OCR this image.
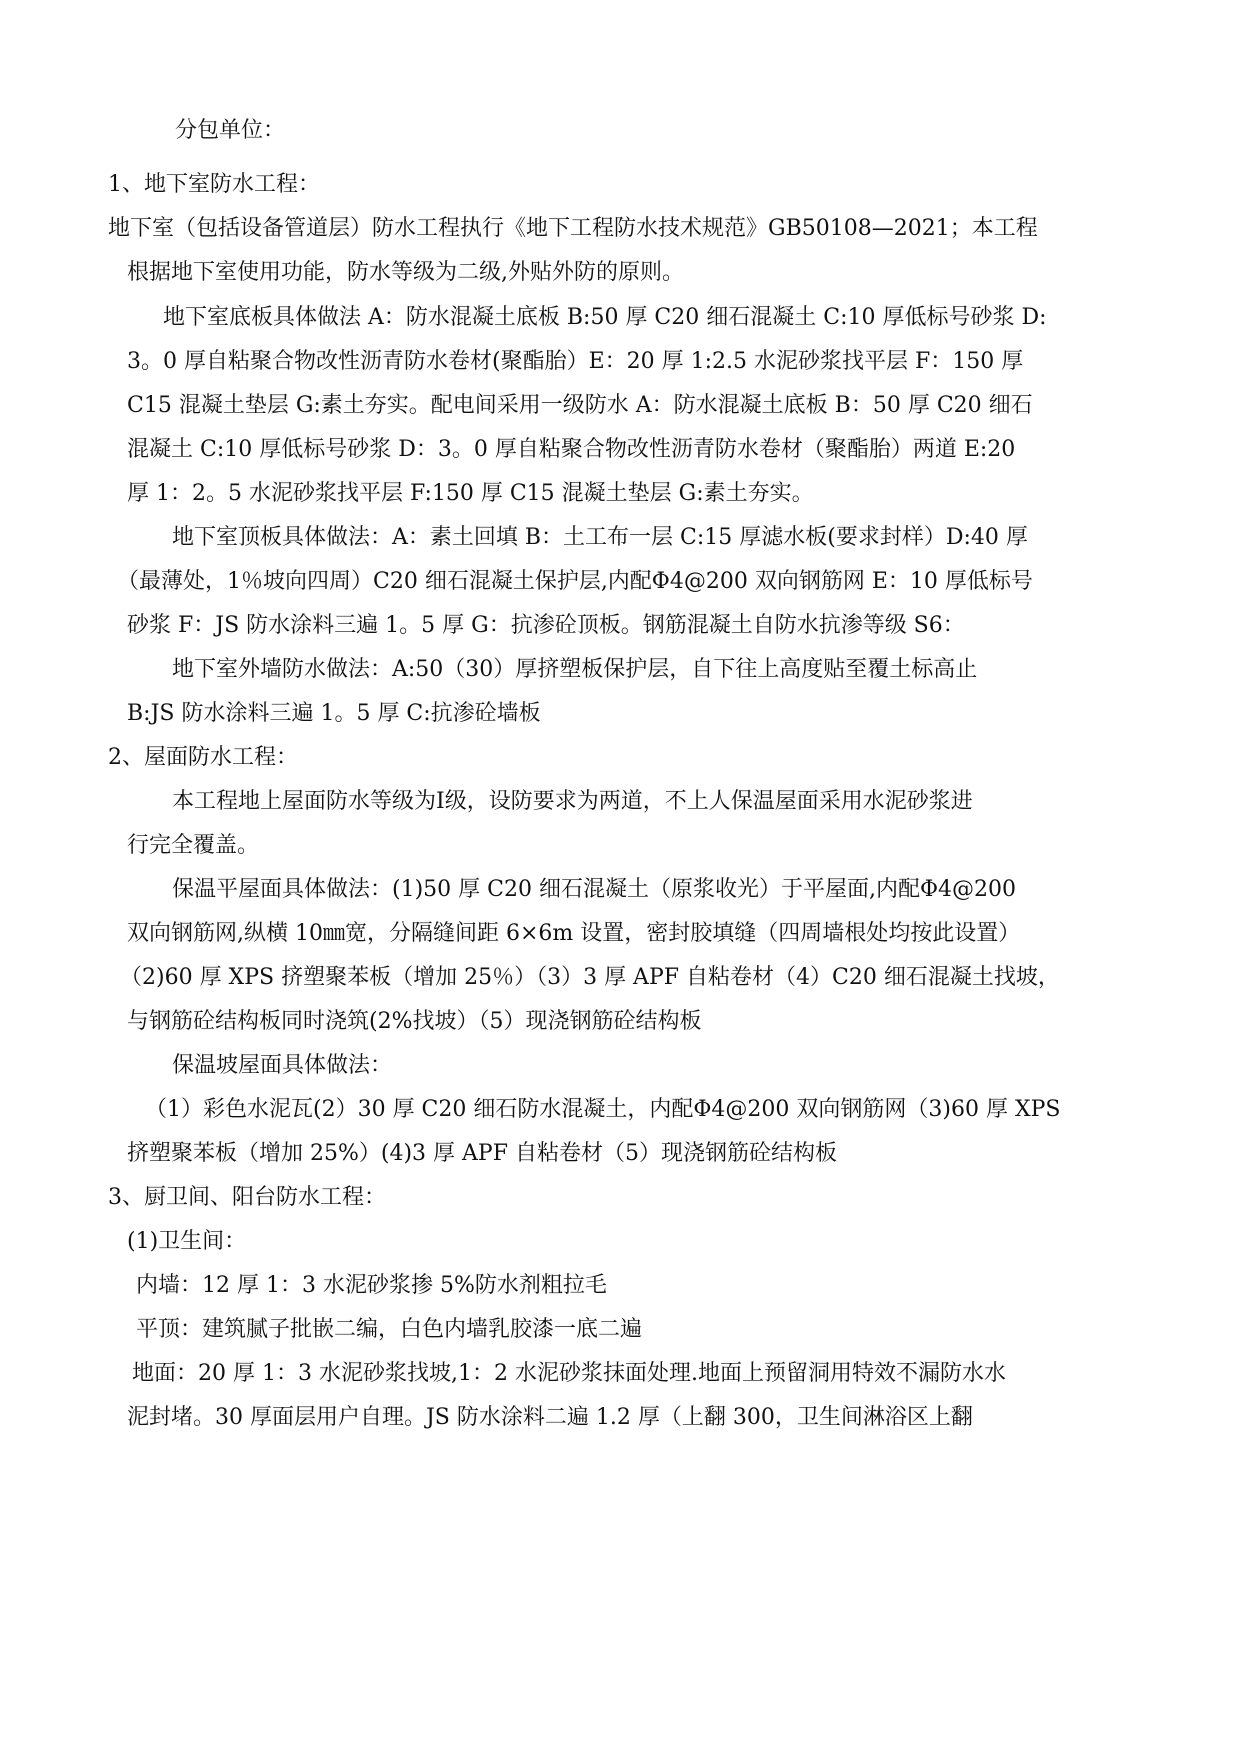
分包单位：
1、地下室防水工程：
地下室（包括设备管道层）防水工程执行《地下工程防水技术规范》GB50108—2021；本工程
根据地下室使用功能，防水等级为二级,外贴外防的原则。
地下室底板具体做法 A：防水混凝土底板 B:50 厚 C20 细石混凝土 C:10 厚低标号砂浆 D:
3。0 厚自粘聚合物改性沥青防水卷材(聚酯胎）E：20 厚 1:2.5 水泥砂浆找平层 F：150 厚
C15 混凝土垫层 G:素土夯实。配电间采用一级防水 A：防水混凝土底板 B：50 厚 C20 细石
混凝土 C:10 厚低标号砂浆 D：3。0 厚自粘聚合物改性沥青防水卷材（聚酯胎）两道 E:20
厚 1：2。5 水泥砂浆找平层 F:150 厚 C15 混凝土垫层 G:素土夯实。
地下室顶板具体做法：A：素土回填 B：土工布一层 C:15 厚滤水板(要求封样）D:40 厚
（最薄处，1％坡向四周）C20 细石混凝土保护层,内配Φ4@200 双向钢筋网 E：10 厚低标号
砂浆 F：JS 防水涂料三遍 1。5 厚 G：抗渗砼顶板。钢筋混凝土自防水抗渗等级 S6：
地下室外墙防水做法：A:50（30）厚挤塑板保护层，自下往上高度贴至覆土标高止
B:JS 防水涂料三遍 1。5 厚 C:抗渗砼墙板
2、屋面防水工程：
本工程地上屋面防水等级为Ⅰ级，设防要求为两道，不上人保温屋面采用水泥砂浆进
行完全覆盖。
保温平屋面具体做法：(1)50 厚 C20 细石混凝土（原浆收光）于平屋面,内配Φ4@200
双向钢筋网,纵横 10㎜宽，分隔缝间距 6×6m 设置，密封胶填缝（四周墙根处均按此设置）
（2)60 厚 XPS 挤塑聚苯板（增加 25％）（3）3 厚 APF 自粘卷材（4）C20 细石混凝土找坡，
与钢筋砼结构板同时浇筑(2%找坡）（5）现浇钢筋砼结构板
保温坡屋面具体做法：
（1）彩色水泥瓦(2）30 厚 C20 细石防水混凝土，内配Φ4@200 双向钢筋网（3)60 厚 XPS
挤塑聚苯板（增加 25%）(4)3 厚 APF 自粘卷材（5）现浇钢筋砼结构板
3、厨卫间、阳台防水工程：
(1)卫生间：
内墙：12 厚 1：3 水泥砂浆掺 5%防水剂粗拉毛
平顶：建筑腻子批嵌二编，白色内墙乳胶漆一底二遍
地面：20 厚 1：3 水泥砂浆找坡,1：2 水泥砂浆抹面处理.地面上预留洞用特效不漏防水水
泥封堵。30 厚面层用户自理。JS 防水涂料二遍 1.2 厚（上翻 300，卫生间淋浴区上翻
